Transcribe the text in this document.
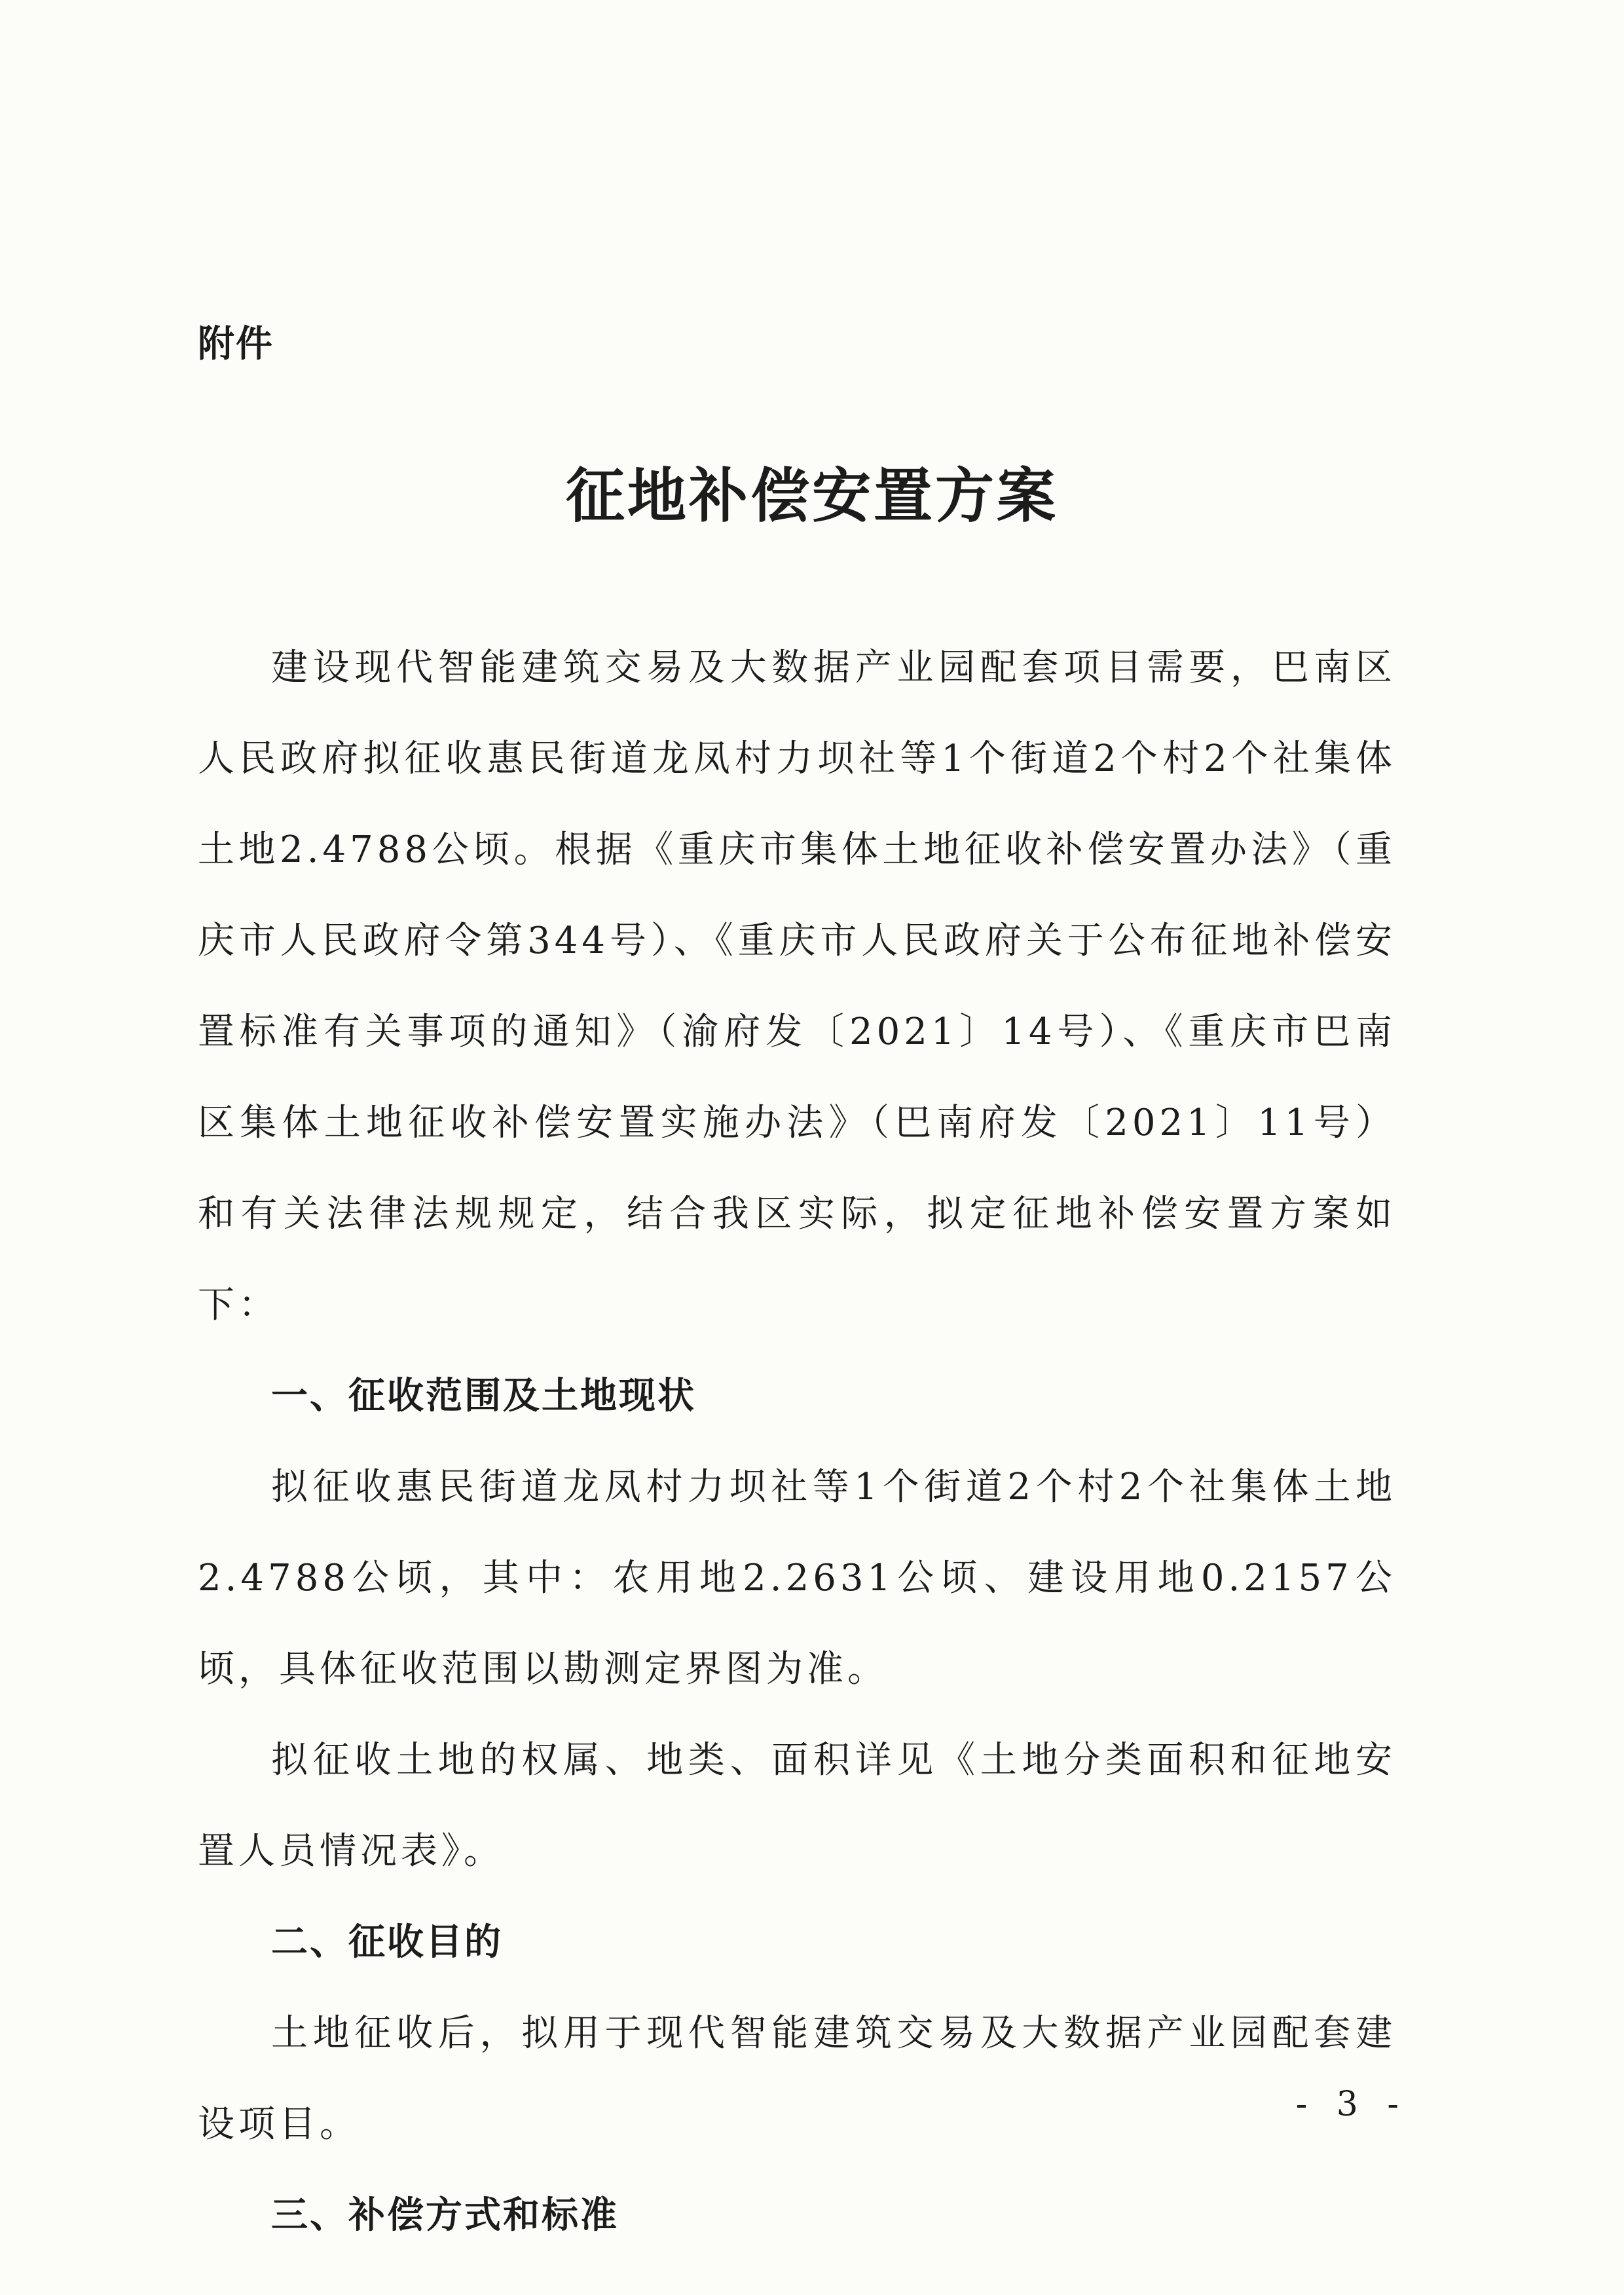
附件
征地补偿安置方案

建设现代智能建筑交易及大数据产业园配套项目需要，巴南区人民政府拟征收惠民街道龙凤村力坝社等1个街道2个村2个社集体土地2.4788公顷。根据《重庆市集体土地征收补偿安置办法》（重庆市人民政府令第344号）、《重庆市人民政府关于公布征地补偿安置标准有关事项的通知》（渝府发〔2021〕14号）、《重庆市巴南区集体土地征收补偿安置实施办法》（巴南府发〔2021〕11号）和有关法律法规规定，结合我区实际，拟定征地补偿安置方案如下：

一、征收范围及土地现状

拟征收惠民街道龙凤村力坝社等1个街道2个村2个社集体土地2.4788公顷，其中：农用地2.2631公顷、建设用地0.2157公顷，具体征收范围以勘测定界图为准。

拟征收土地的权属、地类、面积详见《土地分类面积和征地安置人员情况表》。

二、征收目的

土地征收后，拟用于现代智能建筑交易及大数据产业园配套建设项目。

三、补偿方式和标准

- 3 -
